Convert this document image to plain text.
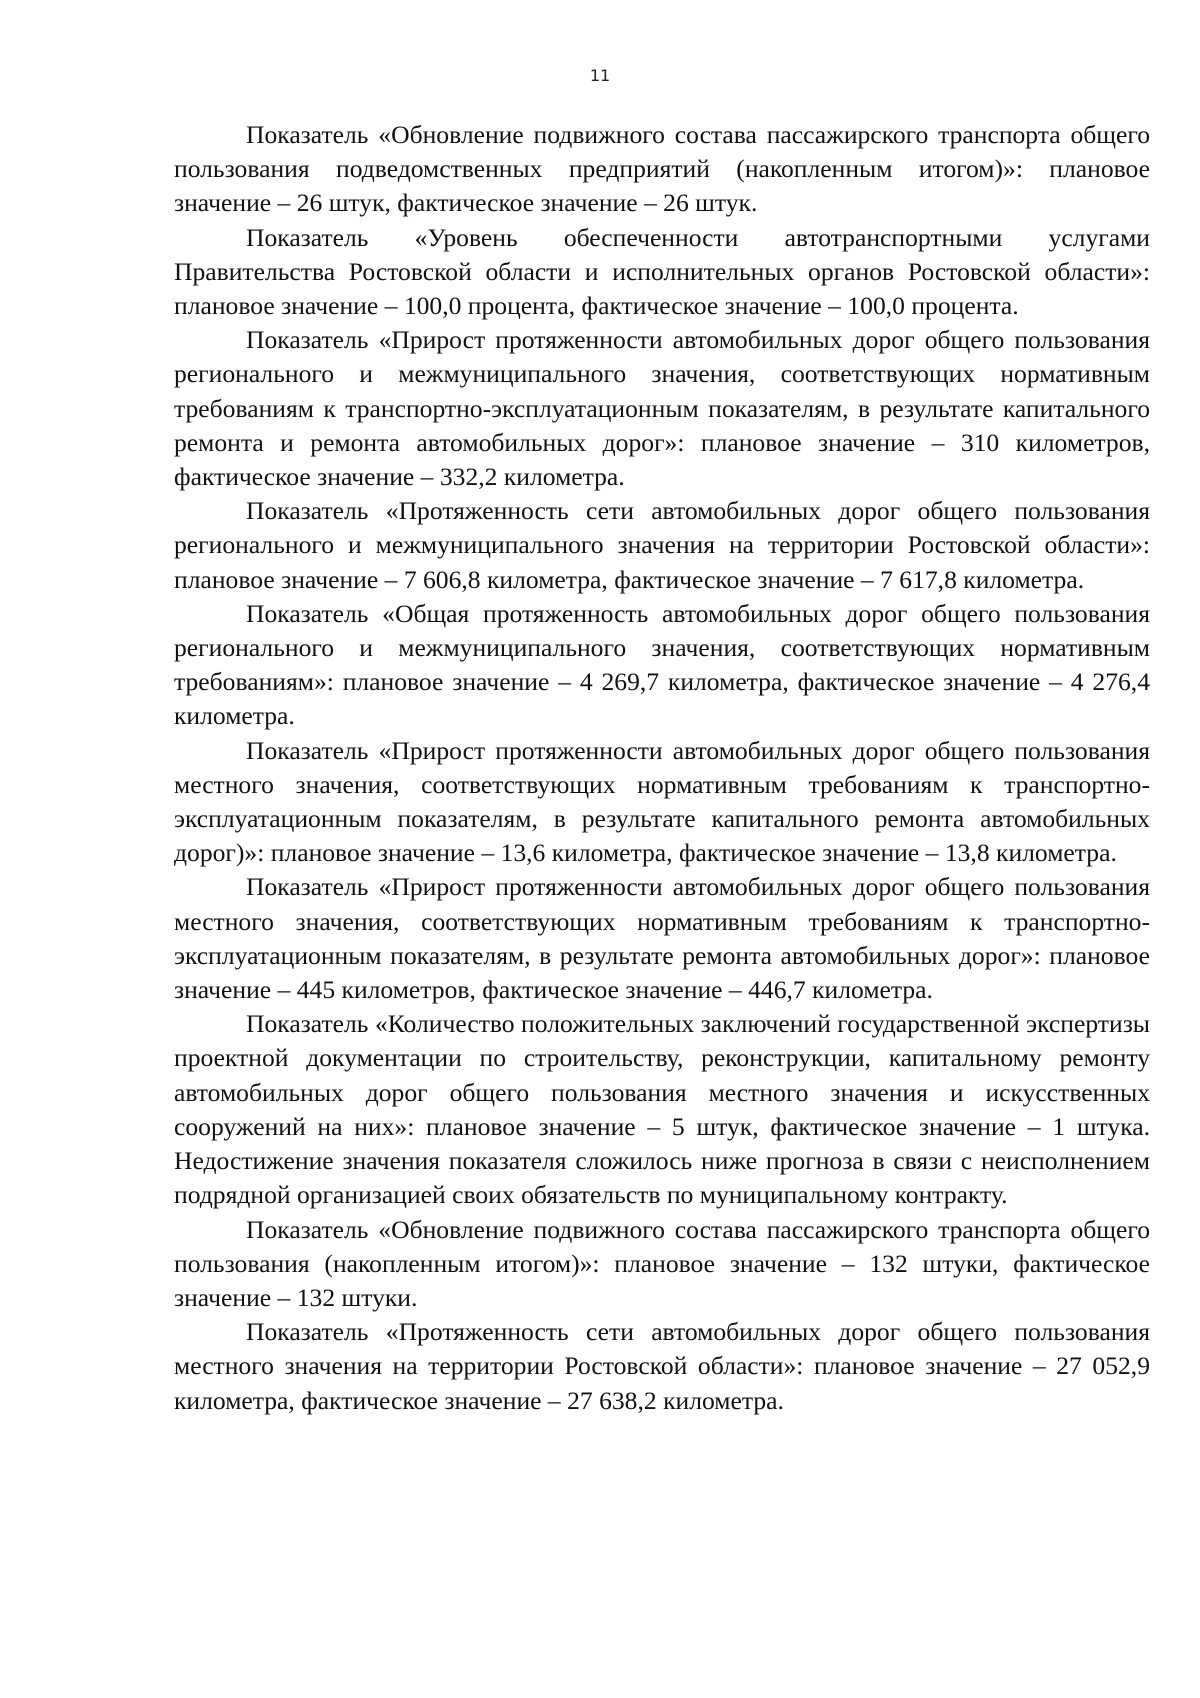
11

Показатель «Обновление подвижного состава пассажирского транспорта общего пользования подведомственных предприятий (накопленным итогом)»: плановое значение – 26 штук, фактическое значение – 26 штук.

Показатель «Уровень обеспеченности автотранспортными услугами Правительства Ростовской области и исполнительных органов Ростовской области»: плановое значение – 100,0 процента, фактическое значение – 100,0 процента.

Показатель «Прирост протяженности автомобильных дорог общего пользования регионального и межмуниципального значения, соответствующих нормативным требованиям к транспортно-эксплуатационным показателям, в результате капитального ремонта и ремонта автомобильных дорог»: плановое значение – 310 километров, фактическое значение – 332,2 километра.

Показатель «Протяженность сети автомобильных дорог общего пользования регионального и межмуниципального значения на территории Ростовской области»: плановое значение – 7 606,8 километра, фактическое значение – 7 617,8 километра.

Показатель «Общая протяженность автомобильных дорог общего пользования регионального и межмуниципального значения, соответствующих нормативным требованиям»: плановое значение – 4 269,7 километра, фактическое значение – 4 276,4 километра.

Показатель «Прирост протяженности автомобильных дорог общего пользования местного значения, соответствующих нормативным требованиям к транспортно-эксплуатационным показателям, в результате капитального ремонта автомобильных дорог)»: плановое значение – 13,6 километра, фактическое значение – 13,8 километра.

Показатель «Прирост протяженности автомобильных дорог общего пользования местного значения, соответствующих нормативным требованиям к транспортно-эксплуатационным показателям, в результате ремонта автомобильных дорог»: плановое значение – 445 километров, фактическое значение – 446,7 километра.

Показатель «Количество положительных заключений государственной экспертизы проектной документации по строительству, реконструкции, капитальному ремонту автомобильных дорог общего пользования местного значения и искусственных сооружений на них»: плановое значение – 5 штук, фактическое значение – 1 штука. Недостижение значения показателя сложилось ниже прогноза в связи с неисполнением подрядной организацией своих обязательств по муниципальному контракту.

Показатель «Обновление подвижного состава пассажирского транспорта общего пользования (накопленным итогом)»: плановое значение – 132 штуки, фактическое значение – 132 штуки.

Показатель «Протяженность сети автомобильных дорог общего пользования местного значения на территории Ростовской области»: плановое значение – 27 052,9 километра, фактическое значение – 27 638,2 километра.
